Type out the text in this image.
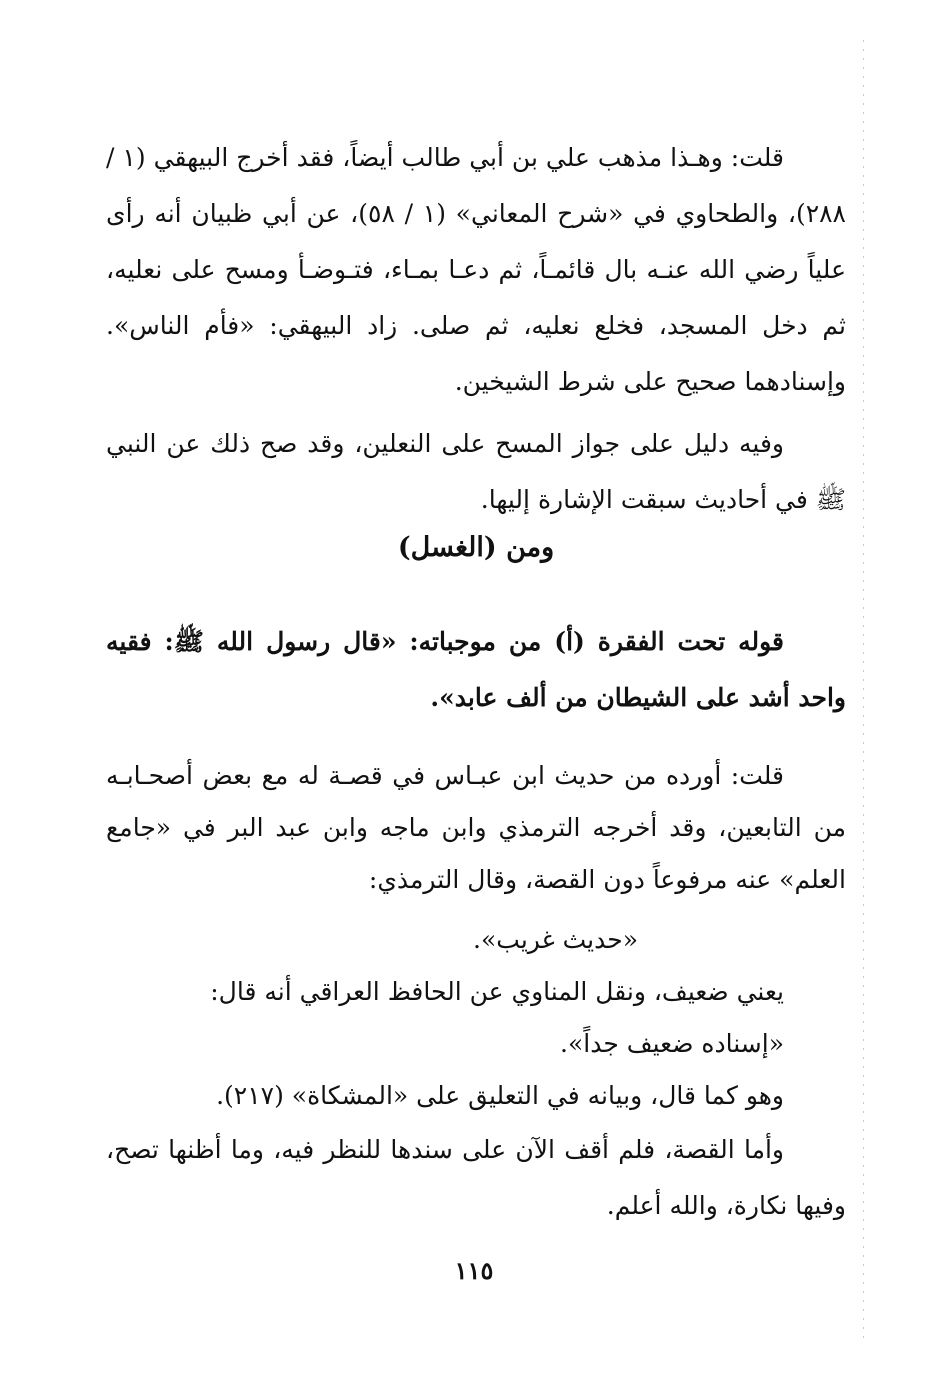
قلت: وهـذا مذهب علي بن أبي طالب أيضاً، فقد أخرج البيهقي (١ / ٢٨٨)، والطحاوي في «شرح المعاني» (١ / ٥٨)، عن أبي ظبيان أنه رأى علياً رضي الله عنـه بال قائمـاً، ثم دعـا بمـاء، فتـوضـأ ومسح على نعليه، ثم دخل المسجد، فخلع نعليه، ثم صلى. زاد البيهقي: «فأم الناس». وإسنادهما صحيح على شرط الشيخين.

وفيه دليل على جواز المسح على النعلين، وقد صح ذلك عن النبي ﷺ في أحاديث سبقت الإشارة إليها.

ومن (الغسل)

قوله تحت الفقرة (أ) من موجباته: «قال رسول الله ﷺ: فقيه واحد أشد على الشيطان من ألف عابد».

قلت: أورده من حديث ابن عبـاس في قصـة له مع بعض أصحـابـه من التابعين، وقد أخرجه الترمذي وابن ماجه وابن عبد البر في «جامع العلم» عنه مرفوعاً دون القصة، وقال الترمذي:

«حديث غريب».

يعني ضعيف، ونقل المناوي عن الحافظ العراقي أنه قال:

«إسناده ضعيف جداً».

وهو كما قال، وبيانه في التعليق على «المشكاة» (٢١٧).

وأما القصة، فلم أقف الآن على سندها للنظر فيه، وما أظنها تصح، وفيها نكارة، والله أعلم.

١١٥
